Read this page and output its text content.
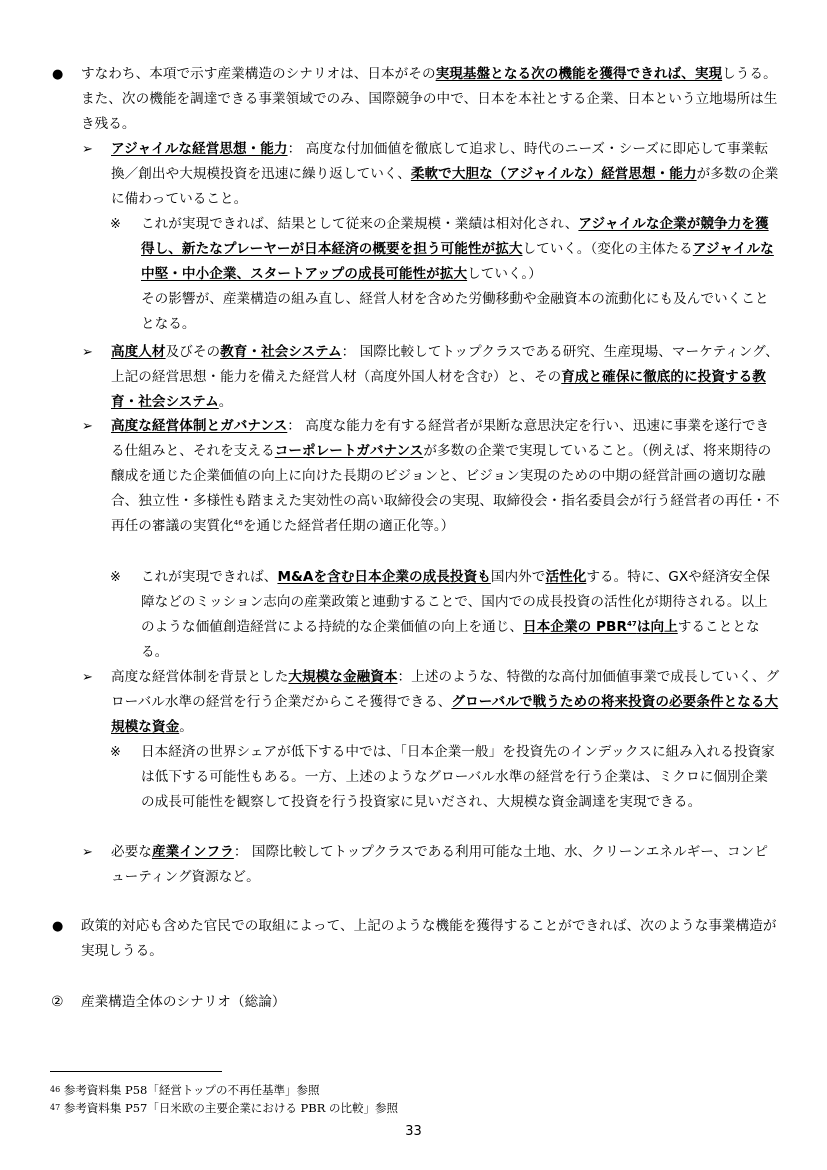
● すなわち、本項で示す産業構造のシナリオは、日本がその実現基盤となる次の機能を獲得できれば、実現しうる。また、次の機能を調達できる事業領域でのみ、国際競争の中で、日本を本社とする企業、日本という立地場所は生き残る。
➢ アジャイルな経営思想・能力： 高度な付加価値を徹底して追求し、時代のニーズ・シーズに即応して事業転換／創出や大規模投資を迅速に繰り返していく、柔軟で大胆な（アジャイルな）経営思想・能力が多数の企業に備わっていること。
※ これが実現できれば、結果として従来の企業規模・業績は相対化され、アジャイルな企業が競争力を獲得し、新たなプレーヤーが日本経済の概要を担う可能性が拡大していく。（変化の主体たるアジャイルな中堅・中小企業、スタートアップの成長可能性が拡大していく。）
その影響が、産業構造の組み直し、経営人材を含めた労働移動や金融資本の流動化にも及んでいくこととなる。
➢ 高度人材及びその教育・社会システム： 国際比較してトップクラスである研究、生産現場、マーケティング、上記の経営思想・能力を備えた経営人材（高度外国人材を含む）と、その育成と確保に徹底的に投資する教育・社会システム。
➢ 高度な経営体制とガバナンス： 高度な能力を有する経営者が果断な意思決定を行い、迅速に事業を遂行できる仕組みと、それを支えるコーポレートガバナンスが多数の企業で実現していること。（例えば、将来期待の醸成を通じた企業価値の向上に向けた長期のビジョンと、ビジョン実現のための中期の経営計画の適切な融合、独立性・多様性も踏まえた実効性の高い取締役会の実現、取締役会・指名委員会が行う経営者の再任・不再任の審議の実質化$^{46}$を通じた経営者任期の適正化等。）
※ これが実現できれば、M&Aを含む日本企業の成長投資も国内外で活性化する。特に、GXや経済安全保障などのミッション志向の産業政策と連動することで、国内での成長投資の活性化が期待される。以上のような価値創造経営による持続的な企業価値の向上を通じ、日本企業の PBR$^{47}$は向上することとなる。
➢ 高度な経営体制を背景とした大規模な金融資本：上述のような、特徴的な高付加価値事業で成長していく、グローバル水準の経営を行う企業だからこそ獲得できる、グローバルで戦うための将来投資の必要条件となる大規模な資金。
※ 日本経済の世界シェアが低下する中では、「日本企業一般」を投資先のインデックスに組み入れる投資家は低下する可能性もある。一方、上述のようなグローバル水準の経営を行う企業は、ミクロに個別企業の成長可能性を観察して投資を行う投資家に見いだされ、大規模な資金調達を実現できる。
➢ 必要な産業インフラ： 国際比較してトップクラスである利用可能な土地、水、クリーンエネルギー、コンピューティング資源など。
● 政策的対応も含めた官民での取組によって、上記のような機能を獲得することができれば、次のような事業構造が実現しうる。
② 産業構造全体のシナリオ（総論）
46 参考資料集 P58「経営トップの不再任基準」参照
47 参考資料集 P57「日米欧の主要企業における PBR の比較」参照
33
